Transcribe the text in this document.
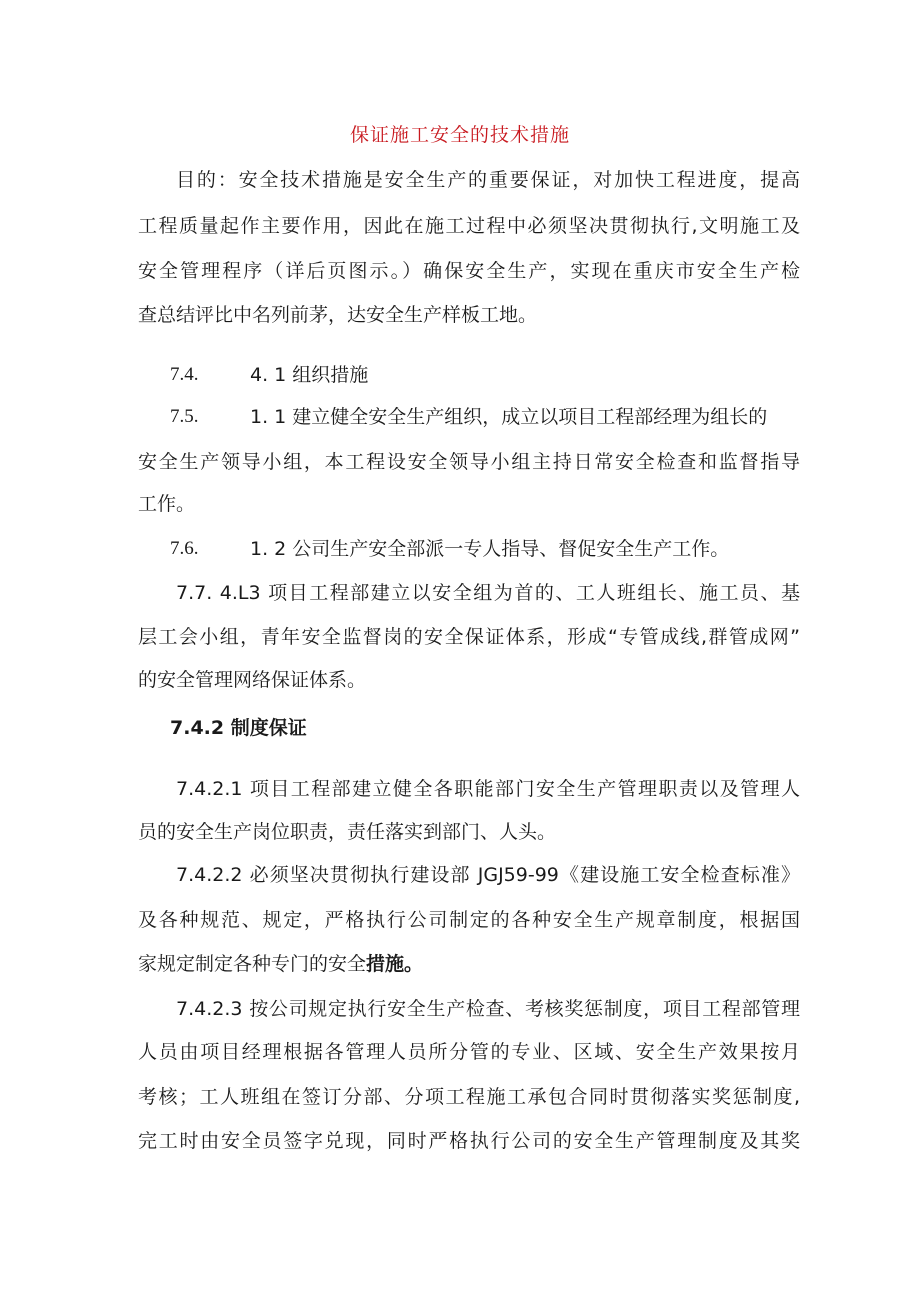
保证施工安全的技术措施
目的：安全技术措施是安全生产的重要保证，对加快工程进度，提高
工程质量起作主要作用，因此在施工过程中必须坚决贯彻执行,文明施工及
安全管理程序（详后页图示。）确保安全生产，实现在重庆市安全生产检
查总结评比中名列前茅，达安全生产样板工地。
7.4.	4. 1 组织措施
7.5.	1. 1 建立健全安全生产组织，成立以项目工程部经理为组长的
安全生产领导小组，本工程设安全领导小组主持日常安全检查和监督指导
工作。
7.6.	1. 2 公司生产安全部派一专人指导、督促安全生产工作。
7.7. 4.L3 项目工程部建立以安全组为首的、工人班组长、施工员、基
层工会小组，青年安全监督岗的安全保证体系，形成“专管成线,群管成网”
的安全管理网络保证体系。
7.4.2 制度保证
7.4.2.1 项目工程部建立健全各职能部门安全生产管理职责以及管理人
员的安全生产岗位职责，责任落实到部门、人头。
7.4.2.2 必须坚决贯彻执行建设部 JGJ59-99《建设施工安全检查标准》
及各种规范、规定，严格执行公司制定的各种安全生产规章制度，根据国
家规定制定各种专门的安全措施。
7.4.2.3 按公司规定执行安全生产检查、考核奖惩制度，项目工程部管理
人员由项目经理根据各管理人员所分管的专业、区域、安全生产效果按月
考核；工人班组在签订分部、分项工程施工承包合同时贯彻落实奖惩制度,
完工时由安全员签字兑现，同时严格执行公司的安全生产管理制度及其奖
